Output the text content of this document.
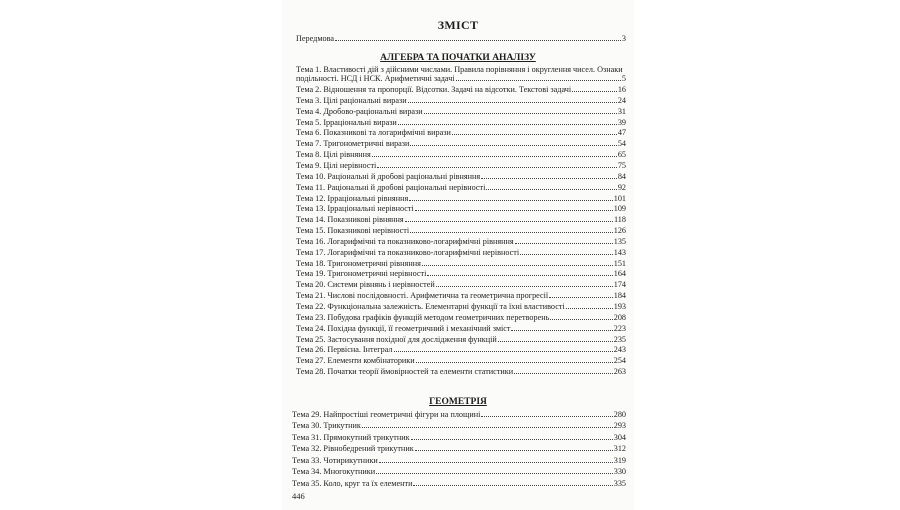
ЗМІСТ
Передмова	3
АЛГЕБРА ТА ПОЧАТКИ АНАЛІЗУ
Тема 1. Властивості дій з дійсними числами. Правила порівняння і округлення чисел. Ознаки
подільності. НСД і НСК. Арифметичні задачі	5
Тема 2. Відношення та пропорції. Відсотки. Задачі на відсотки. Текстові задачі	16
Тема 3. Цілі раціональні вирази	24
Тема 4. Дробово-раціональні вирази	31
Тема 5. Ірраціональні вирази	39
Тема 6. Показникові та логарифмічні вирази	47
Тема 7. Тригонометричні вирази	54
Тема 8. Цілі рівняння	65
Тема 9. Цілі нерівності	75
Тема 10. Раціональні й дробові раціональні рівняння	84
Тема 11. Раціональні й дробові раціональні нерівності	92
Тема 12. Ірраціональні рівняння	101
Тема 13. Ірраціональні нерівності	109
Тема 14. Показникові рівняння	118
Тема 15. Показникові нерівності	126
Тема 16. Логарифмічні та показниково-логарифмічні рівняння	135
Тема 17. Логарифмічні та показниково-логарифмічні нерівності	143
Тема 18. Тригонометричні рівняння	151
Тема 19. Тригонометричні нерівності	164
Тема 20. Системи рівнянь і нерівностей	174
Тема 21. Числові послідовності. Арифметична та геометрична прогресії	184
Тема 22. Функціональна залежність. Елементарні функції та їхні властивості	193
Тема 23. Побудова графіків функцій методом геометричних перетворень	208
Тема 24. Похідна функції, її геометричний і механічний зміст	223
Тема 25. Застосування похідної для дослідження функцій	235
Тема 26. Первісна. Інтеграл	243
Тема 27. Елементи комбінаторики	254
Тема 28. Початки теорії ймовірностей та елементи статистики	263
ГЕОМЕТРІЯ
Тема 29. Найпростіші геометричні фігури на площині	280
Тема 30. Трикутник	293
Тема 31. Прямокутний трикутник	304
Тема 32. Рівнобедрений трикутник	312
Тема 33. Чотирикутники	319
Тема 34. Многокутники	330
Тема 35. Коло, круг та їх елементи	335
446
